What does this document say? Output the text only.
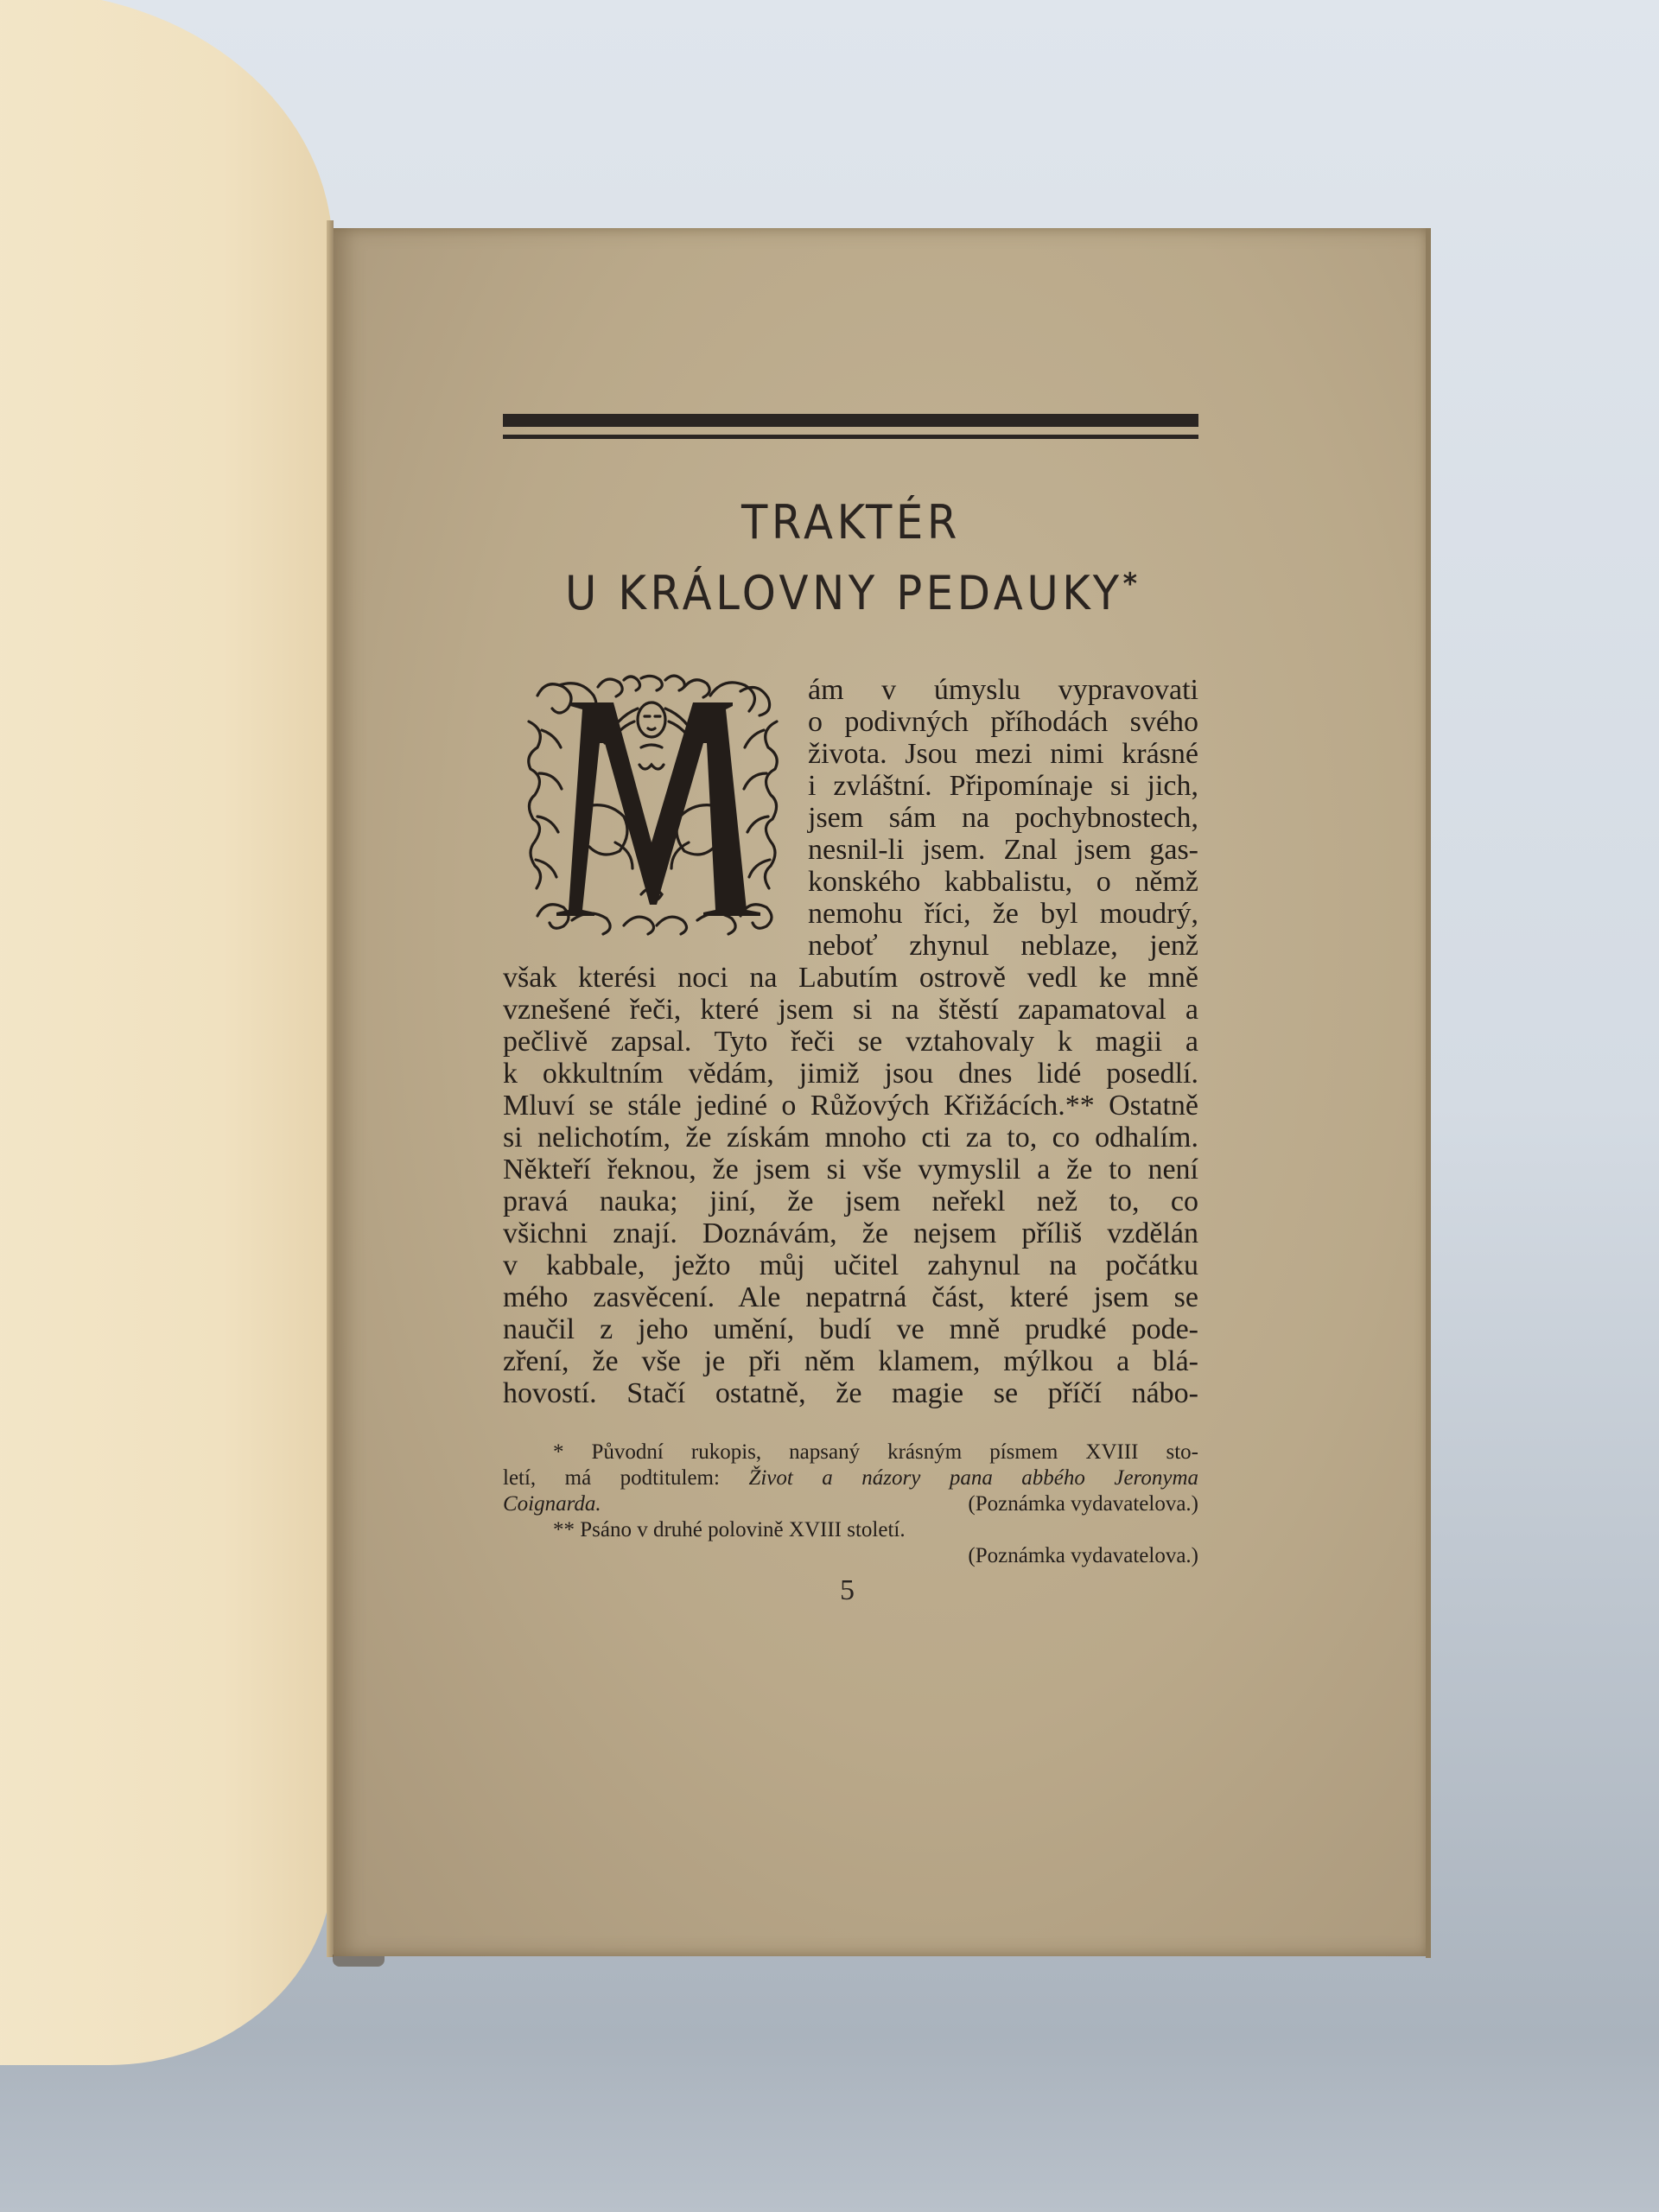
TRAKTÉR
U KRÁLOVNY PEDAUKY*
ám v úmyslu vypravovati
o podivných příhodách svého
života. Jsou mezi nimi krásné
i zvláštní. Připomínaje si jich,
jsem sám na pochybnostech,
nesnil-li jsem. Znal jsem gas-
konského kabbalistu, o němž
nemohu říci, že byl moudrý,
neboť zhynul neblaze, jenž
však kterési noci na Labutím ostrově vedl ke mně
vznešené řeči, které jsem si na štěstí zapamatoval a
pečlivě zapsal. Tyto řeči se vztahovaly k magii a
k okkultním vědám, jimiž jsou dnes lidé posedlí.
Mluví se stále jediné o Růžových Křižácích.** Ostatně
si nelichotím, že získám mnoho cti za to, co odhalím.
Někteří řeknou, že jsem si vše vymyslil a že to není
pravá nauka; jiní, že jsem neřekl než to, co
všichni znají. Doznávám, že nejsem příliš vzdělán
v kabbale, ježto můj učitel zahynul na počátku
mého zasvěcení. Ale nepatrná část, které jsem se
naučil z jeho umění, budí ve mně prudké pode-
zření, že vše je při něm klamem, mýlkou a blá-
hovostí. Stačí ostatně, že magie se příčí nábo-
* Původní rukopis, napsaný krásným písmem XVIII sto-
letí, má podtitulem: Život a názory pana abbého Jeronyma
Coignarda.	(Poznámka vydavatelova.)
** Psáno v druhé polovině XVIII století.
(Poznámka vydavatelova.)
5
